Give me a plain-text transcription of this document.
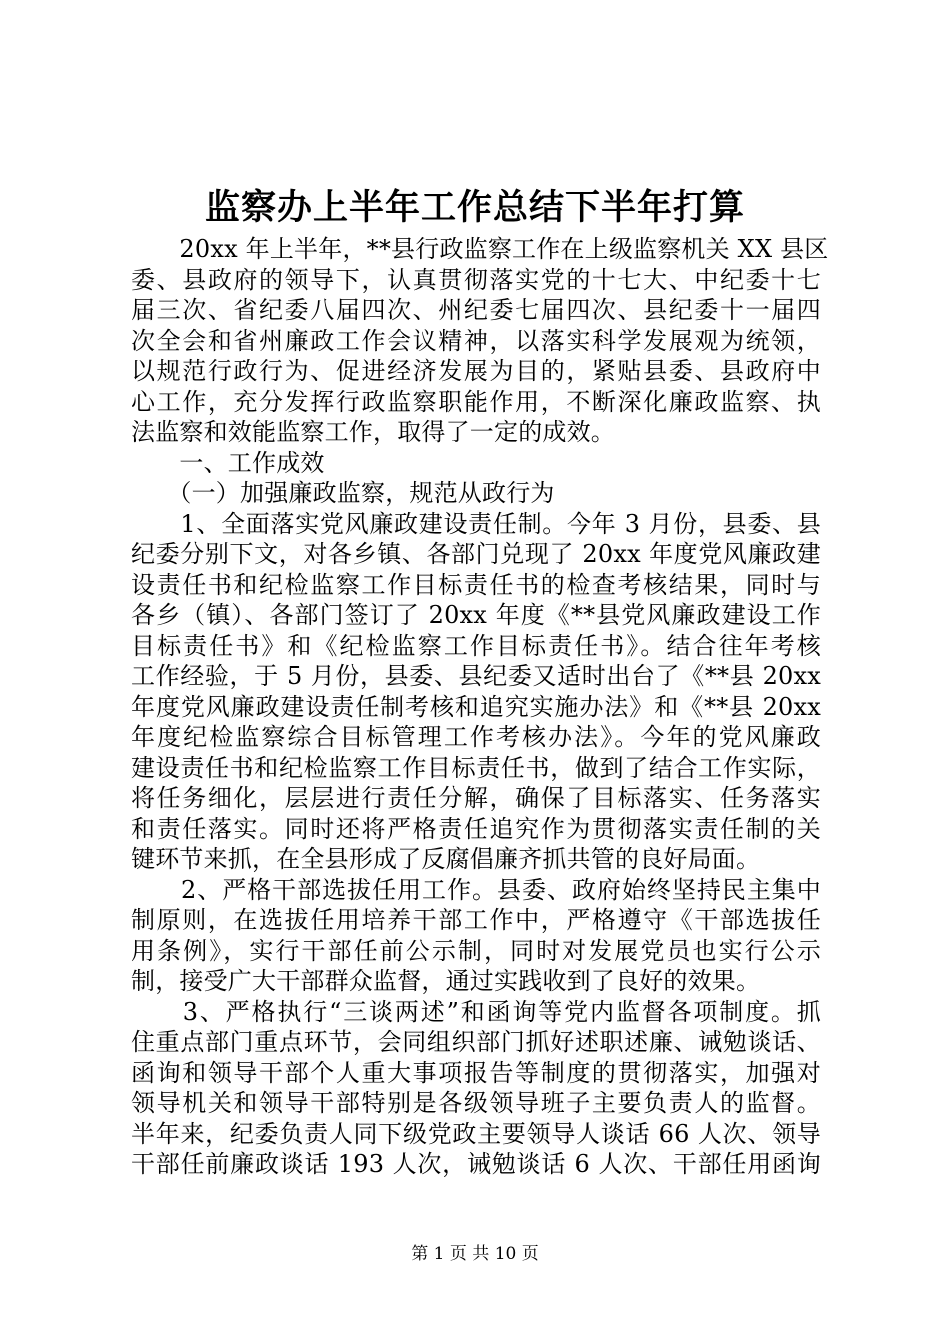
监察办上半年工作总结下半年打算
　　20xx 年上半年，**县行政监察工作在上级监察机关 XX 县区
委、县政府的领导下，认真贯彻落实党的十七大、中纪委十七
届三次、省纪委八届四次、州纪委七届四次、县纪委十一届四
次全会和省州廉政工作会议精神，以落实科学发展观为统领，
以规范行政行为、促进经济发展为目的，紧贴县委、县政府中
心工作，充分发挥行政监察职能作用，不断深化廉政监察、执
法监察和效能监察工作，取得了一定的成效。
　　一、工作成效
　　（一）加强廉政监察，规范从政行为
　　1、全面落实党风廉政建设责任制。今年 3 月份，县委、县
纪委分别下文，对各乡镇、各部门兑现了 20xx 年度党风廉政建
设责任书和纪检监察工作目标责任书的检查考核结果，同时与
各乡（镇）、各部门签订了 20xx 年度《**县党风廉政建设工作
目标责任书》和《纪检监察工作目标责任书》。结合往年考核
工作经验，于 5 月份，县委、县纪委又适时出台了《**县 20xx
年度党风廉政建设责任制考核和追究实施办法》和《**县 20xx
年度纪检监察综合目标管理工作考核办法》。今年的党风廉政
建设责任书和纪检监察工作目标责任书，做到了结合工作实际，
将任务细化，层层进行责任分解，确保了目标落实、任务落实
和责任落实。同时还将严格责任追究作为贯彻落实责任制的关
键环节来抓，在全县形成了反腐倡廉齐抓共管的良好局面。
　　2、严格干部选拔任用工作。县委、政府始终坚持民主集中
制原则，在选拔任用培养干部工作中，严格遵守《干部选拔任
用条例》，实行干部任前公示制，同时对发展党员也实行公示
制，接受广大干部群众监督，通过实践收到了良好的效果。
　　3、严格执行“三谈两述”和函询等党内监督各项制度。抓
住重点部门重点环节，会同组织部门抓好述职述廉、诫勉谈话、
函询和领导干部个人重大事项报告等制度的贯彻落实，加强对
领导机关和领导干部特别是各级领导班子主要负责人的监督。
半年来，纪委负责人同下级党政主要领导人谈话 66 人次、领导
干部任前廉政谈话 193 人次，诫勉谈话 6 人次、干部任用函询
第 1 页 共 10 页
